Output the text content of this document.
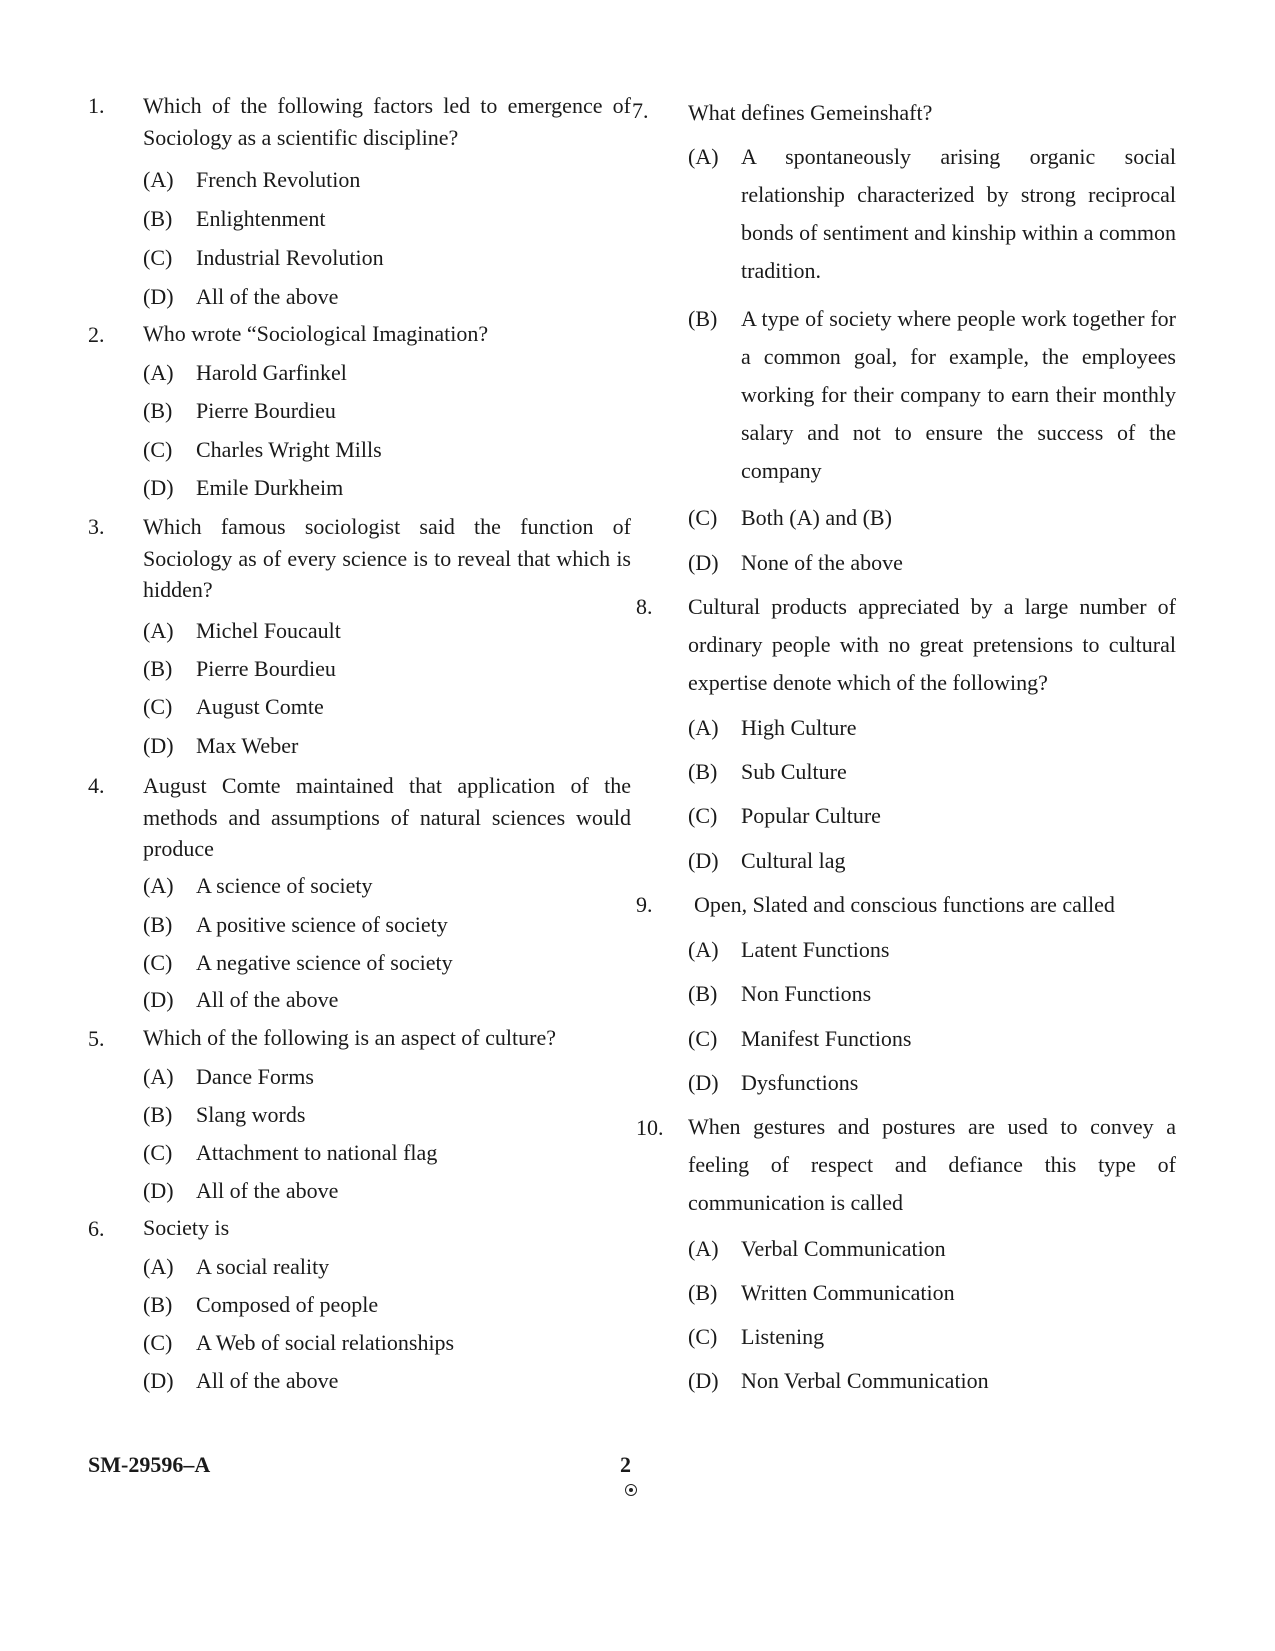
1. Which of the following factors led to emergence of Sociology as a scientific discipline?
(A) French Revolution
(B) Enlightenment
(C) Industrial Revolution
(D) All of the above
2. Who wrote “Sociological Imagination?
(A) Harold Garfinkel
(B) Pierre Bourdieu
(C) Charles Wright Mills
(D) Emile Durkheim
3. Which famous sociologist said the function of Sociology as of every science is to reveal that which is hidden?
(A) Michel Foucault
(B) Pierre Bourdieu
(C) August Comte
(D) Max Weber
4. August Comte maintained that application of the methods and assumptions of natural sciences would produce
(A) A science of society
(B) A positive science of society
(C) A negative science of society
(D) All of the above
5. Which of the following is an aspect of culture?
(A) Dance Forms
(B) Slang words
(C) Attachment to national flag
(D) All of the above
6. Society is
(A) A social reality
(B) Composed of people
(C) A Web of social relationships
(D) All of the above
7. What defines Gemeinshaft?
(A) A spontaneously arising organic social relationship characterized by strong reciprocal bonds of sentiment and kinship within a common tradition.
(B) A type of society where people work together for a common goal, for example, the employees working for their company to earn their monthly salary and not to ensure the success of the company
(C) Both (A) and (B)
(D) None of the above
8. Cultural products appreciated by a large number of ordinary people with no great pretensions to cultural expertise denote which of the following?
(A) High Culture
(B) Sub Culture
(C) Popular Culture
(D) Cultural lag
9. Open, Slated and conscious functions are called
(A) Latent Functions
(B) Non Functions
(C) Manifest Functions
(D) Dysfunctions
10. When gestures and postures are used to convey a feeling of respect and defiance this type of communication is called
(A) Verbal Communication
(B) Written Communication
(C) Listening
(D) Non Verbal Communication
SM-29596–A	2
